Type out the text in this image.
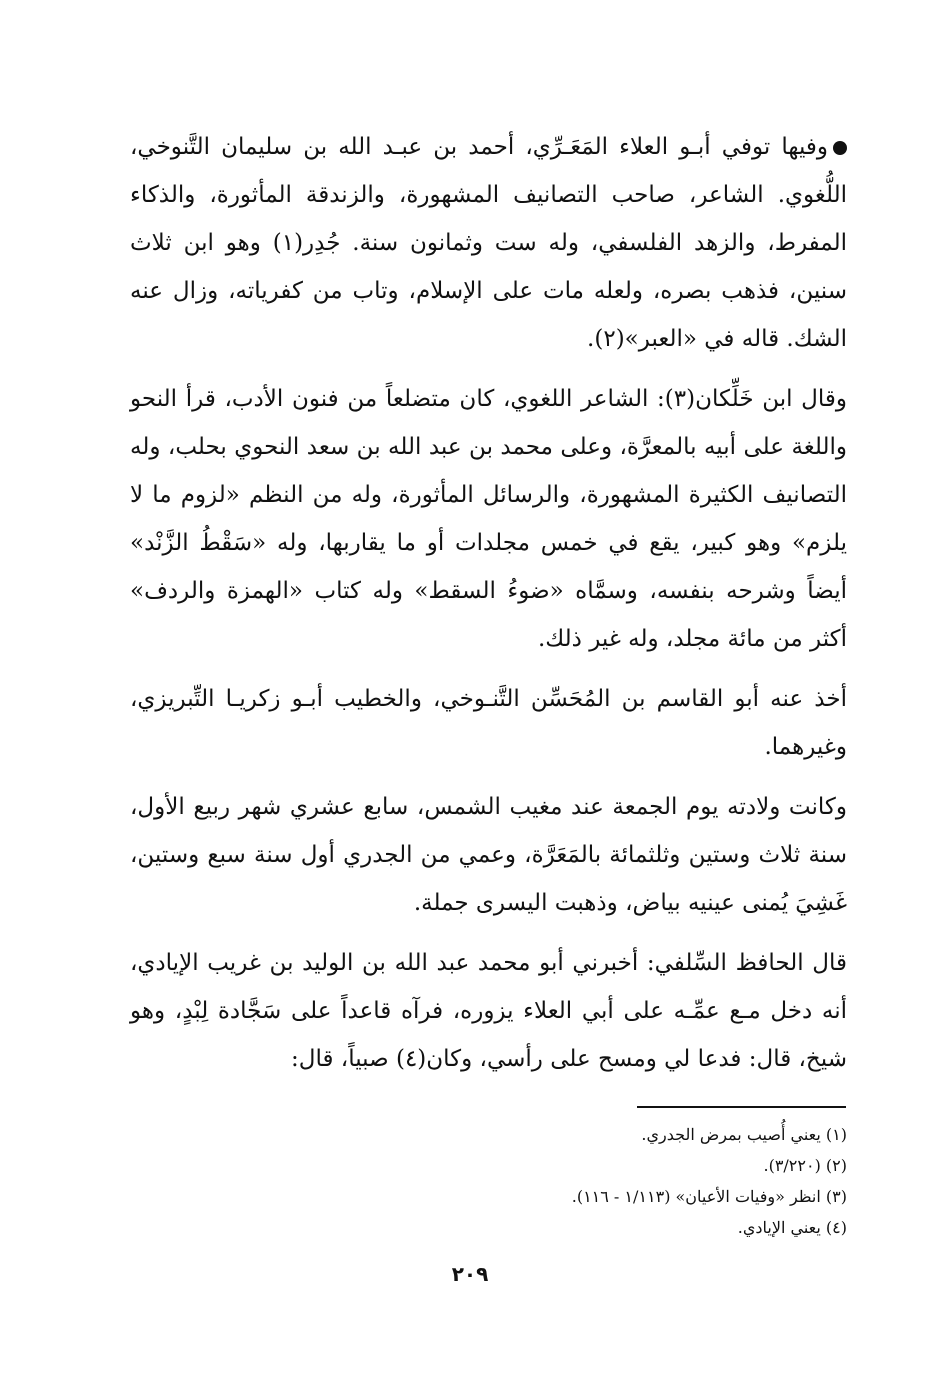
وفيها توفي أبـو العلاء المَعَـرِّي، أحمد بن عبـد الله بن سليمان التَّنوخي، اللُّغوي. الشاعر، صاحب التصانيف المشهورة، والزندقة المأثورة، والذكاء المفرط، والزهد الفلسفي، وله ست وثمانون سنة. جُدِر(١) وهو ابن ثلاث سنين، فذهب بصره، ولعله مات على الإسلام، وتاب من كفرياته، وزال عنه الشك. قاله في «العبر»(٢).

وقال ابن خَلِّكان(٣): الشاعر اللغوي، كان متضلعاً من فنون الأدب، قرأ النحو واللغة على أبيه بالمعرَّة، وعلى محمد بن عبد الله بن سعد النحوي بحلب، وله التصانيف الكثيرة المشهورة، والرسائل المأثورة، وله من النظم «لزوم ما لا يلزم» وهو كبير، يقع في خمس مجلدات أو ما يقاربها، وله «سَقْطُ الزَّنْد» أيضاً وشرحه بنفسه، وسمَّاه «ضوءُ السقط» وله كتاب «الهمزة والردف» أكثر من مائة مجلد، وله غير ذلك.

أخذ عنه أبو القاسم بن المُحَسِّن التَّنـوخي، والخطيب أبـو زكريـا التِّبريزي، وغيرهما.

وكانت ولادته يوم الجمعة عند مغيب الشمس، سابع عشري شهر ربيع الأول، سنة ثلاث وستين وثلثمائة بالمَعَرَّة، وعمي من الجدري أول سنة سبع وستين، غَشِيَ يُمنى عينيه بياض، وذهبت اليسرى جملة.

قال الحافظ السِّلفي: أخبرني أبو محمد عبد الله بن الوليد بن غريب الإيادي، أنه دخل مـع عمِّـه على أبي العلاء يزوره، فرآه قاعداً على سَجَّادة لِبْدٍ، وهو شيخ، قال: فدعا لي ومسح على رأسي، وكان(٤) صبياً، قال:

(١) يعني أُصيب بمرض الجدري.
(٢) (٣/٢٢٠).
(٣) انظر «وفيات الأعيان» (١/١١٣ - ١١٦).
(٤) يعني الإيادي.
٢٠٩
